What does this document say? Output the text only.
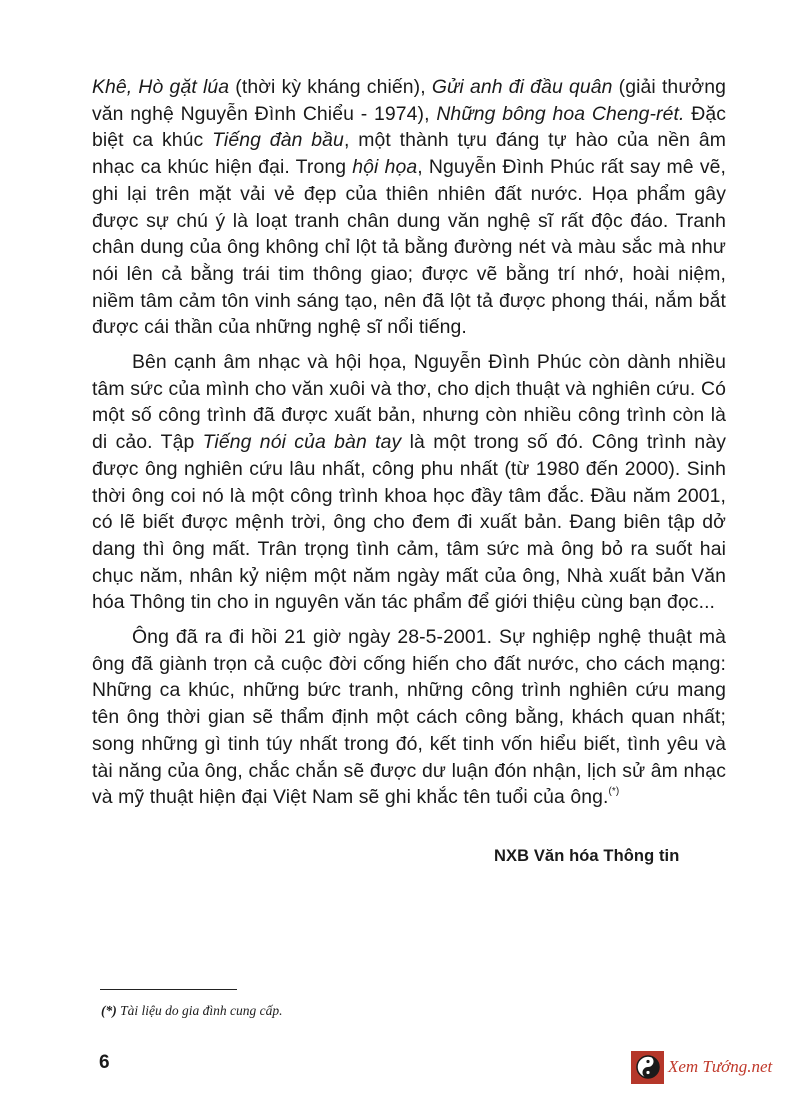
Khê, Hò gặt lúa (thời kỳ kháng chiến), Gửi anh đi đầu quân (giải thưởng văn nghệ Nguyễn Đình Chiểu - 1974), Những bông hoa Cheng-rét. Đặc biệt ca khúc Tiếng đàn bầu, một thành tựu đáng tự hào của nền âm nhạc ca khúc hiện đại. Trong hội họa, Nguyễn Đình Phúc rất say mê vẽ, ghi lại trên mặt vải vẻ đẹp của thiên nhiên đất nước. Họa phẩm gây được sự chú ý là loạt tranh chân dung văn nghệ sĩ rất độc đáo. Tranh chân dung của ông không chỉ lột tả bằng đường nét và màu sắc mà như nói lên cả bằng trái tim thông giao; được vẽ bằng trí nhớ, hoài niệm, niềm tâm cảm tôn vinh sáng tạo, nên đã lột tả được phong thái, nắm bắt được cái thần của những nghệ sĩ nổi tiếng.

Bên cạnh âm nhạc và hội họa, Nguyễn Đình Phúc còn dành nhiều tâm sức của mình cho văn xuôi và thơ, cho dịch thuật và nghiên cứu. Có một số công trình đã được xuất bản, nhưng còn nhiều công trình còn là di cảo. Tập Tiếng nói của bàn tay là một trong số đó. Công trình này được ông nghiên cứu lâu nhất, công phu nhất (từ 1980 đến 2000). Sinh thời ông coi nó là một công trình khoa học đầy tâm đắc. Đầu năm 2001, có lẽ biết được mệnh trời, ông cho đem đi xuất bản. Đang biên tập dở dang thì ông mất. Trân trọng tình cảm, tâm sức mà ông bỏ ra suốt hai chục năm, nhân kỷ niệm một năm ngày mất của ông, Nhà xuất bản Văn hóa Thông tin cho in nguyên văn tác phẩm để giới thiệu cùng bạn đọc...

Ông đã ra đi hồi 21 giờ ngày 28-5-2001. Sự nghiệp nghệ thuật mà ông đã giành trọn cả cuộc đời cống hiến cho đất nước, cho cách mạng: Những ca khúc, những bức tranh, những công trình nghiên cứu mang tên ông thời gian sẽ thẩm định một cách công bằng, khách quan nhất; song những gì tinh túy nhất trong đó, kết tinh vốn hiểu biết, tình yêu và tài năng của ông, chắc chắn sẽ được dư luận đón nhận, lịch sử âm nhạc và mỹ thuật hiện đại Việt Nam sẽ ghi khắc tên tuổi của ông.(*)

NXB Văn hóa Thông tin
(*) Tài liệu do gia đình cung cấp.
6	Xem Tướng.net
